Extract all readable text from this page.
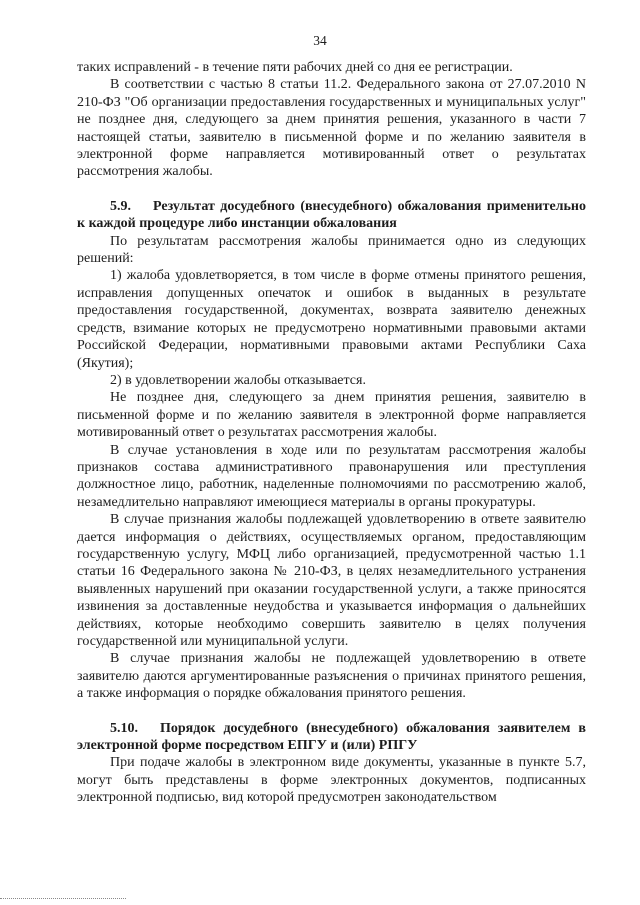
34

таких исправлений - в течение пяти рабочих дней со дня ее регистрации.

В соответствии с частью 8 статьи 11.2. Федерального закона от 27.07.2010 N 210-ФЗ "Об организации предоставления государственных и муниципальных услуг" не позднее дня, следующего за днем принятия решения, указанного в части 7 настоящей статьи, заявителю в письменной форме и по желанию заявителя в электронной форме направляется мотивированный ответ о результатах рассмотрения жалобы.

5.9. Результат досудебного (внесудебного) обжалования применительно к каждой процедуре либо инстанции обжалования

По результатам рассмотрения жалобы принимается одно из следующих решений:

1) жалоба удовлетворяется, в том числе в форме отмены принятого решения, исправления допущенных опечаток и ошибок в выданных в результате предоставления государственной, документах, возврата заявителю денежных средств, взимание которых не предусмотрено нормативными правовыми актами Российской Федерации, нормативными правовыми актами Республики Саха (Якутия);

2) в удовлетворении жалобы отказывается.

Не позднее дня, следующего за днем принятия решения, заявителю в письменной форме и по желанию заявителя в электронной форме направляется мотивированный ответ о результатах рассмотрения жалобы.

В случае установления в ходе или по результатам рассмотрения жалобы признаков состава административного правонарушения или преступления должностное лицо, работник, наделенные полномочиями по рассмотрению жалоб, незамедлительно направляют имеющиеся материалы в органы прокуратуры.

В случае признания жалобы подлежащей удовлетворению в ответе заявителю дается информация о действиях, осуществляемых органом, предоставляющим государственную услугу, МФЦ либо организацией, предусмотренной частью 1.1 статьи 16 Федерального закона № 210-ФЗ, в целях незамедлительного устранения выявленных нарушений при оказании государственной услуги, а также приносятся извинения за доставленные неудобства и указывается информация о дальнейших действиях, которые необходимо совершить заявителю в целях получения государственной или муниципальной услуги.

В случае признания жалобы не подлежащей удовлетворению в ответе заявителю даются аргументированные разъяснения о причинах принятого решения, а также информация о порядке обжалования принятого решения.

5.10. Порядок досудебного (внесудебного) обжалования заявителем в электронной форме посредством ЕПГУ и (или) РПГУ

При подаче жалобы в электронном виде документы, указанные в пункте 5.7, могут быть представлены в форме электронных документов, подписанных электронной подписью, вид которой предусмотрен законодательством
